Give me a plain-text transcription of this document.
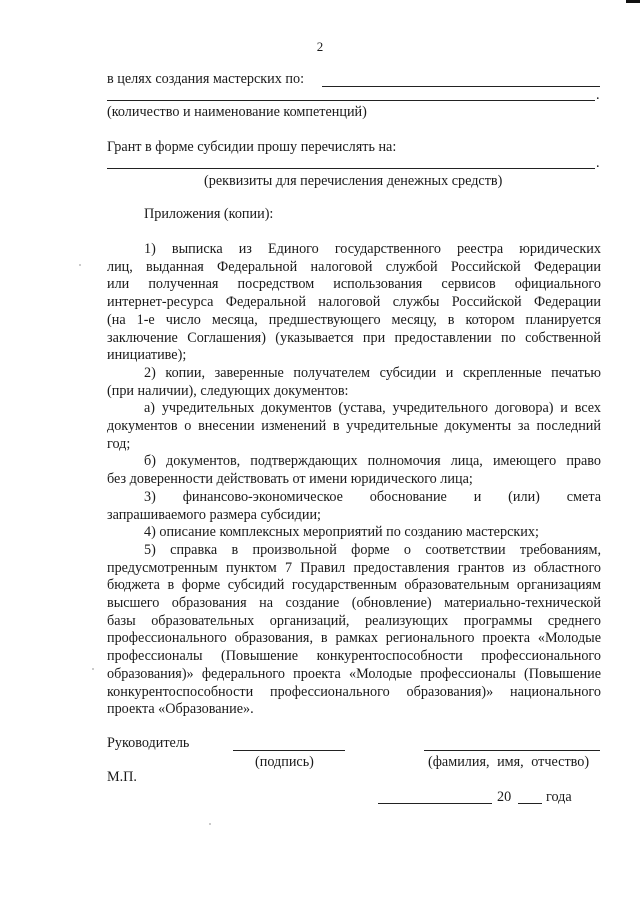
2
в целях создания мастерских по:
.
(количество и наименование компетенций)
Грант в форме субсидии прошу перечислять на:
.
(реквизиты для перечисления денежных средств)
Приложения (копии):
1) выписка из Единого государственного реестра юридических
лиц, выданная Федеральной налоговой службой Российской Федерации
или полученная посредством использования сервисов официального
интернет-ресурса Федеральной налоговой службы Российской Федерации
(на 1-е число месяца, предшествующего месяцу, в котором планируется
заключение Соглашения) (указывается при предоставлении по собственной
инициативе);
2) копии, заверенные получателем субсидии и скрепленные печатью
(при наличии), следующих документов:
а) учредительных документов (устава, учредительного договора) и всех
документов о внесении изменений в учредительные документы за последний
год;
б) документов, подтверждающих полномочия лица, имеющего право
без доверенности действовать от имени юридического лица;
3) финансово-экономическое обоснование и (или) смета
запрашиваемого размера субсидии;
4) описание комплексных мероприятий по созданию мастерских;
5) справка в произвольной форме о соответствии требованиям,
предусмотренным пунктом 7 Правил предоставления грантов из областного
бюджета в форме субсидий государственным образовательным организациям
высшего образования на создание (обновление) материально-технической
базы образовательных организаций, реализующих программы среднего
профессионального образования, в рамках регионального проекта «Молодые
профессионалы (Повышение конкурентоспособности профессионального
образования)» федерального проекта «Молодые профессионалы (Повышение
конкурентоспособности профессионального образования)» национального
проекта «Образование».
Руководитель
(подпись)	(фамилия, имя, отчество)
М.П.
20 года
